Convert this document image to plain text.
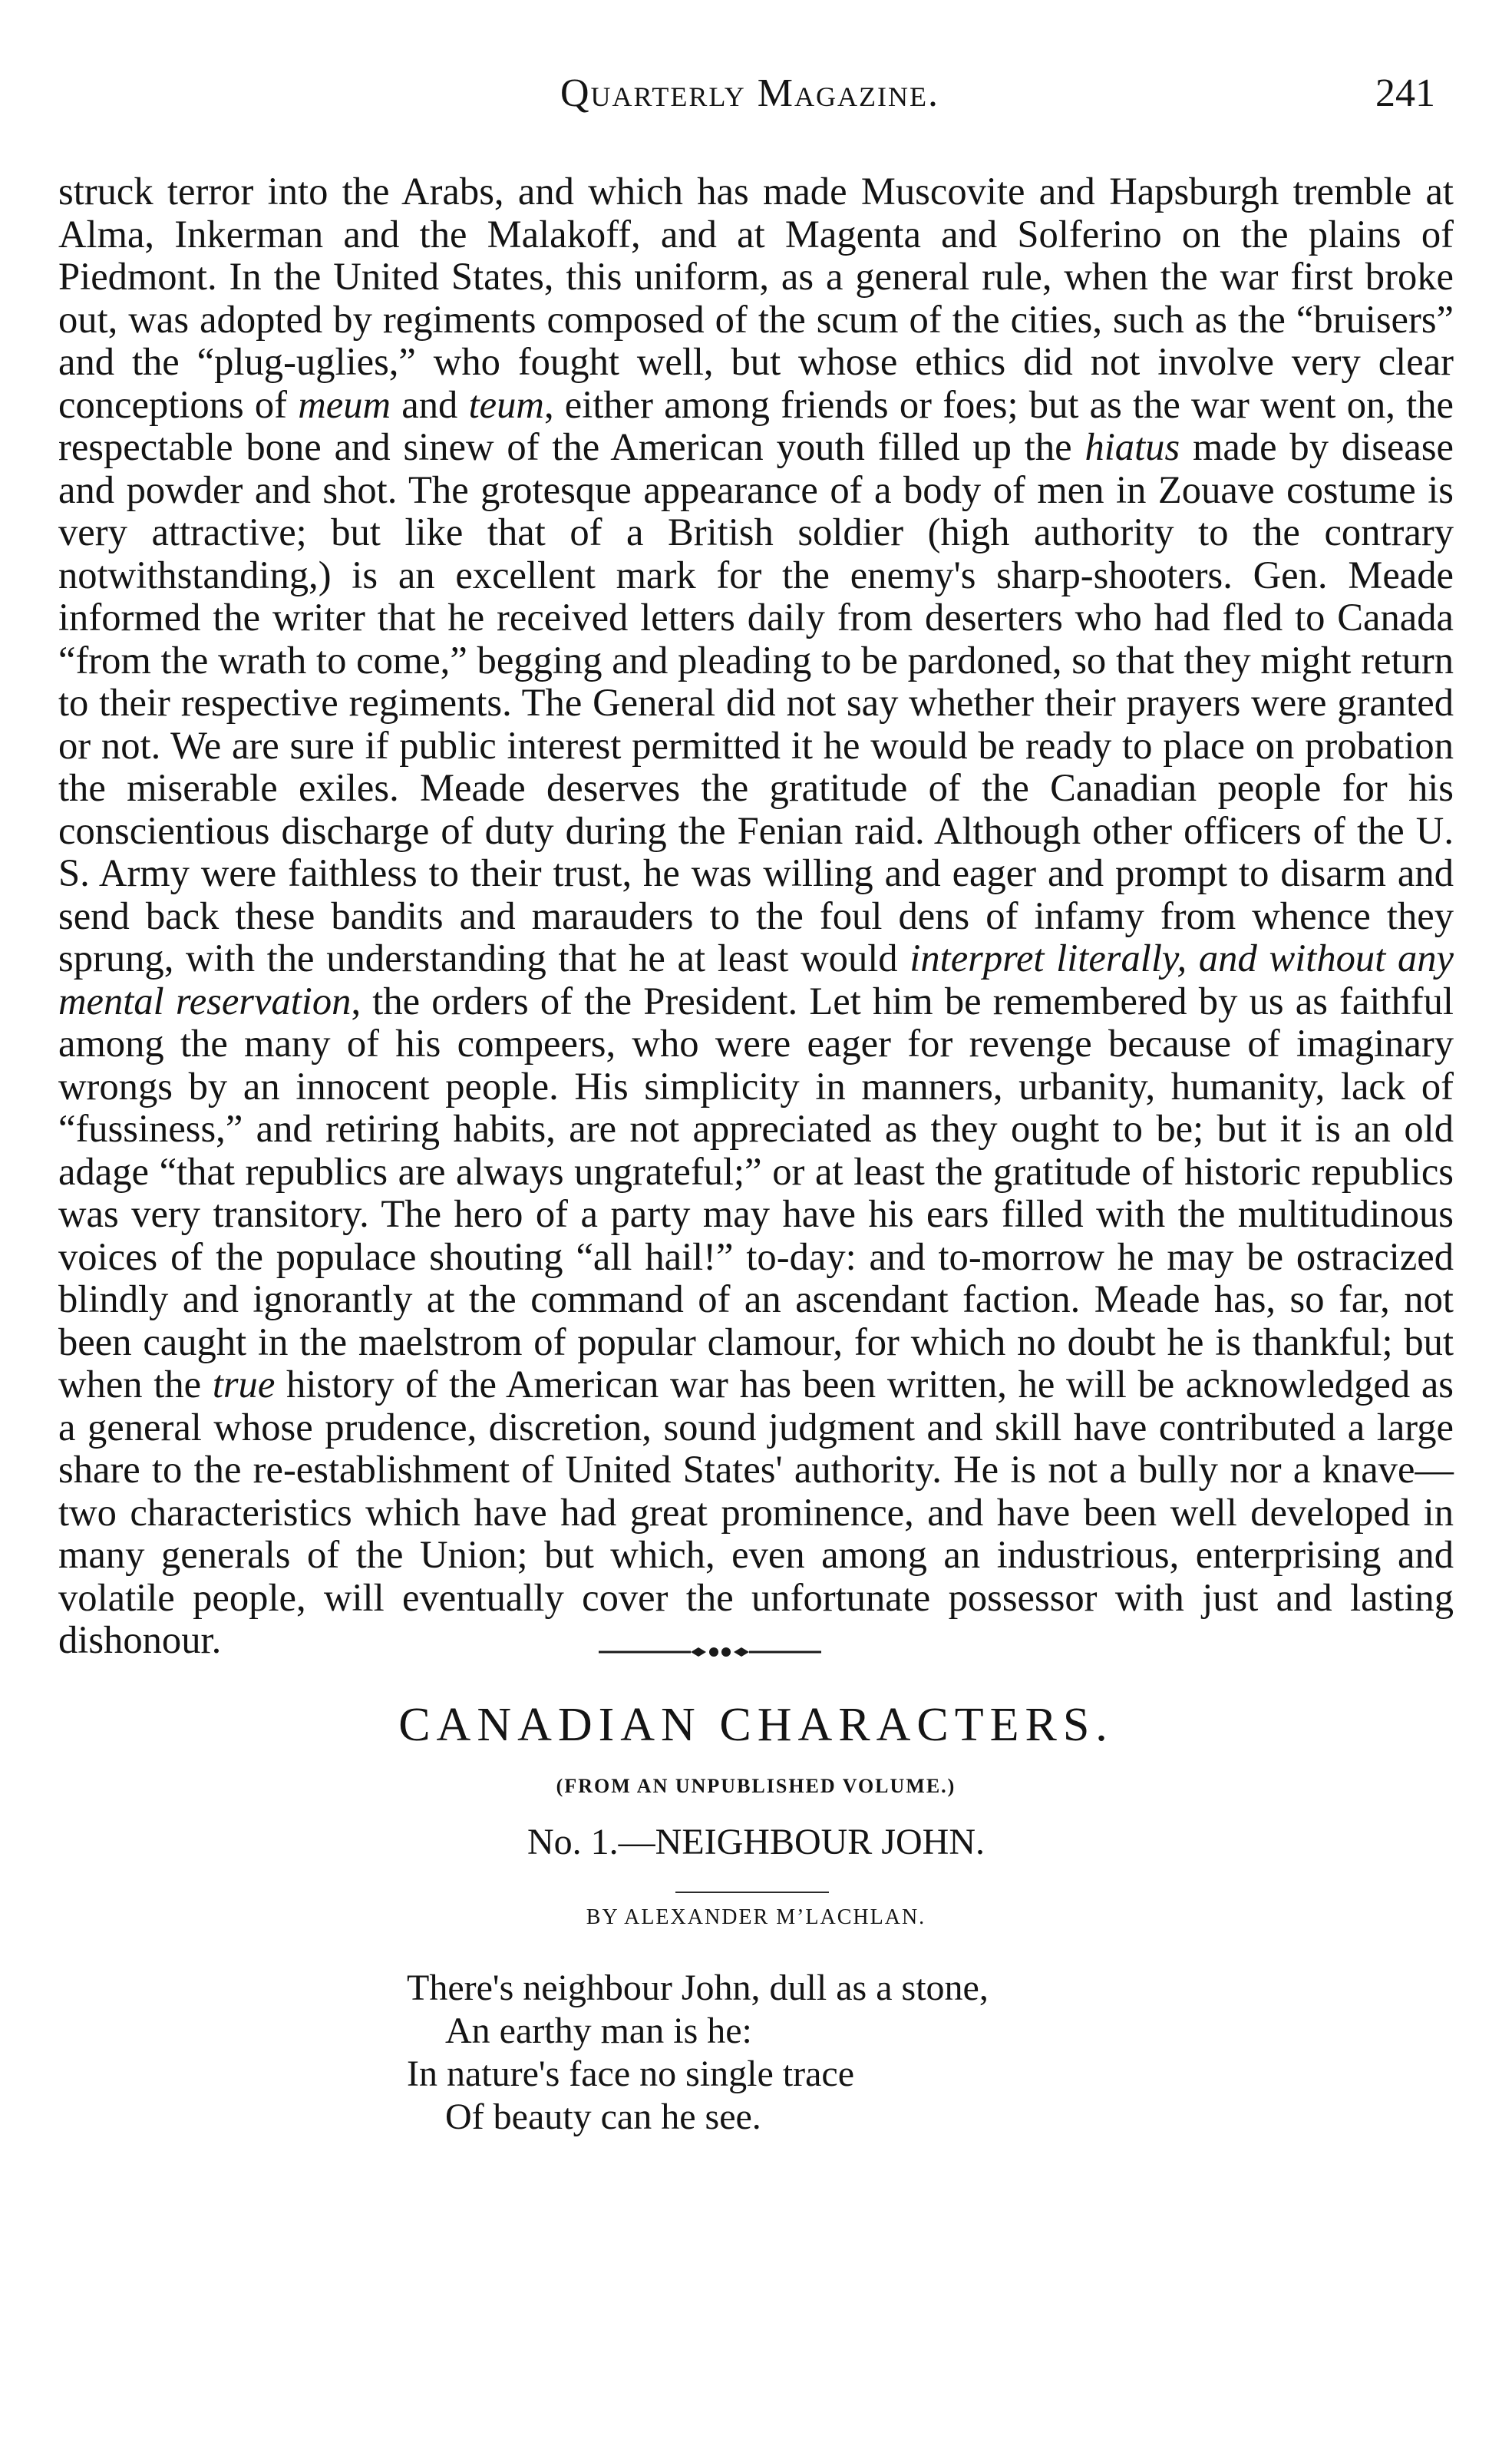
Quarterly Magazine.	241

struck terror into the Arabs, and which has made Muscovite and Hapsburgh tremble at Alma, Inkerman and the Malakoff, and at Magenta and Solferino on the plains of Piedmont. In the United States, this uniform, as a general rule, when the war first broke out, was adopted by regiments composed of the scum of the cities, such as the “bruisers” and the “plug-uglies,” who fought well, but whose ethics did not involve very clear conceptions of meum and teum, either among friends or foes; but as the war went on, the respectable bone and sinew of the American youth filled up the hiatus made by disease and powder and shot. The grotesque appearance of a body of men in Zouave costume is very attractive; but like that of a British soldier (high authority to the contrary notwithstanding,) is an excellent mark for the enemy's sharp-shooters. Gen. Meade informed the writer that he received letters daily from deserters who had fled to Canada “from the wrath to come,” begging and pleading to be pardoned, so that they might return to their respective regiments. The General did not say whether their prayers were granted or not. We are sure if public interest permitted it he would be ready to place on probation the miserable exiles. Meade deserves the gratitude of the Canadian people for his conscientious discharge of duty during the Fenian raid. Although other officers of the U. S. Army were faithless to their trust, he was willing and eager and prompt to disarm and send back these bandits and marauders to the foul dens of infamy from whence they sprung, with the understanding that he at least would interpret literally, and without any mental reservation, the orders of the President. Let him be remembered by us as faithful among the many of his compeers, who were eager for revenge because of imaginary wrongs by an innocent people. His simplicity in manners, urbanity, humanity, lack of “fussiness,” and retiring habits, are not appreciated as they ought to be; but it is an old adage “that republics are always ungrateful;” or at least the gratitude of historic republics was very transitory. The hero of a party may have his ears filled with the multitudinous voices of the populace shouting “all hail!” to-day: and to-morrow he may be ostracized blindly and ignorantly at the command of an ascendant faction. Meade has, so far, not been caught in the maelstrom of popular clamour, for which no doubt he is thankful; but when the true history of the American war has been written, he will be acknowledged as a general whose prudence, discretion, sound judgment and skill have contributed a large share to the re-establishment of United States' authority. He is not a bully nor a knave—two characteristics which have had great prominence, and have been well developed in many generals of the Union; but which, even among an industrious, enterprising and volatile people, will eventually cover the unfortunate possessor with just and lasting dishonour.

CANADIAN CHARACTERS.
(FROM AN UNPUBLISHED VOLUME.)
No. 1.—NEIGHBOUR JOHN.
BY ALEXANDER M’LACHLAN.
There's neighbour John, dull as a stone,
An earthy man is he:
In nature's face no single trace
Of beauty can he see.
